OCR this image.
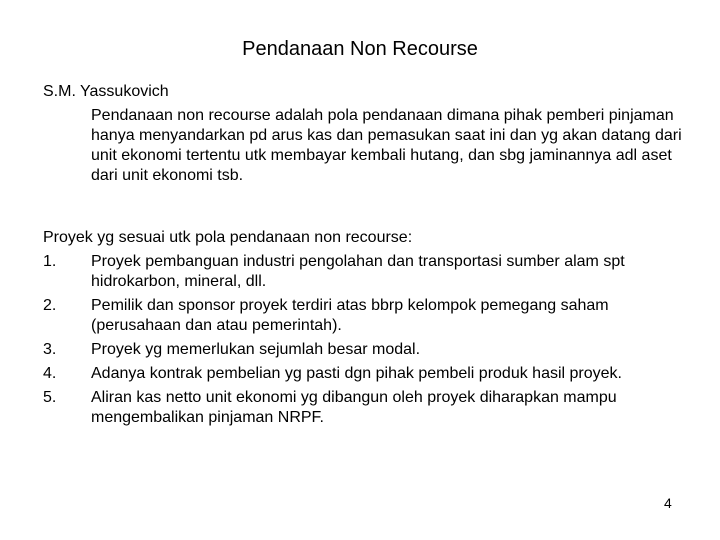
Pendanaan Non Recourse
S.M. Yassukovich
Pendanaan non recourse adalah pola pendanaan dimana pihak pemberi pinjaman hanya menyandarkan pd arus kas dan pemasukan saat ini dan yg akan datang dari unit ekonomi tertentu utk membayar kembali hutang, dan sbg jaminannya adl aset dari unit ekonomi tsb.
Proyek yg sesuai utk pola pendanaan non recourse:
1.	Proyek pembanguan industri pengolahan dan transportasi sumber alam spt hidrokarbon, mineral, dll.
2.	Pemilik dan sponsor proyek terdiri atas bbrp kelompok pemegang saham (perusahaan dan atau pemerintah).
3.	Proyek yg memerlukan sejumlah besar modal.
4.	Adanya kontrak pembelian yg pasti dgn pihak pembeli produk hasil proyek.
5.	Aliran kas netto unit ekonomi yg dibangun oleh proyek diharapkan mampu mengembalikan pinjaman NRPF.
4
